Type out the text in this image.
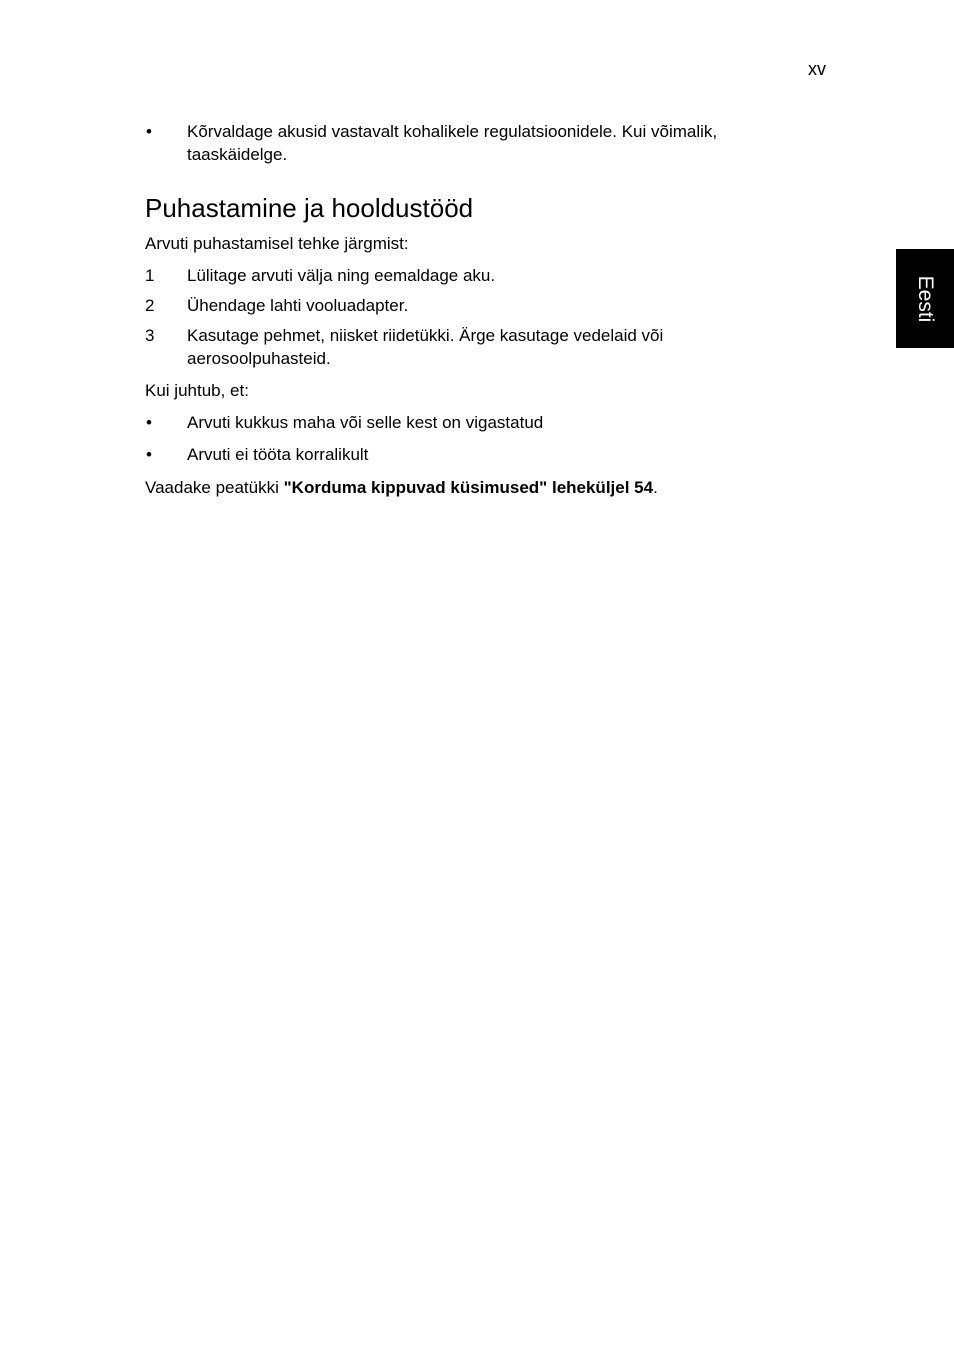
xv
Eesti
• Kõrvaldage akusid vastavalt kohalikele regulatsioonidele. Kui võimalik, taaskäidelge.
Puhastamine ja hooldustööd
Arvuti puhastamisel tehke järgmist:
1 Lülitage arvuti välja ning eemaldage aku.
2 Ühendage lahti vooluadapter.
3 Kasutage pehmet, niisket riidetükki. Ärge kasutage vedelaid või aerosoolpuhasteid.
Kui juhtub, et:
• Arvuti kukkus maha või selle kest on vigastatud
• Arvuti ei tööta korralikult
Vaadake peatükki "Korduma kippuvad küsimused" leheküljel 54.
